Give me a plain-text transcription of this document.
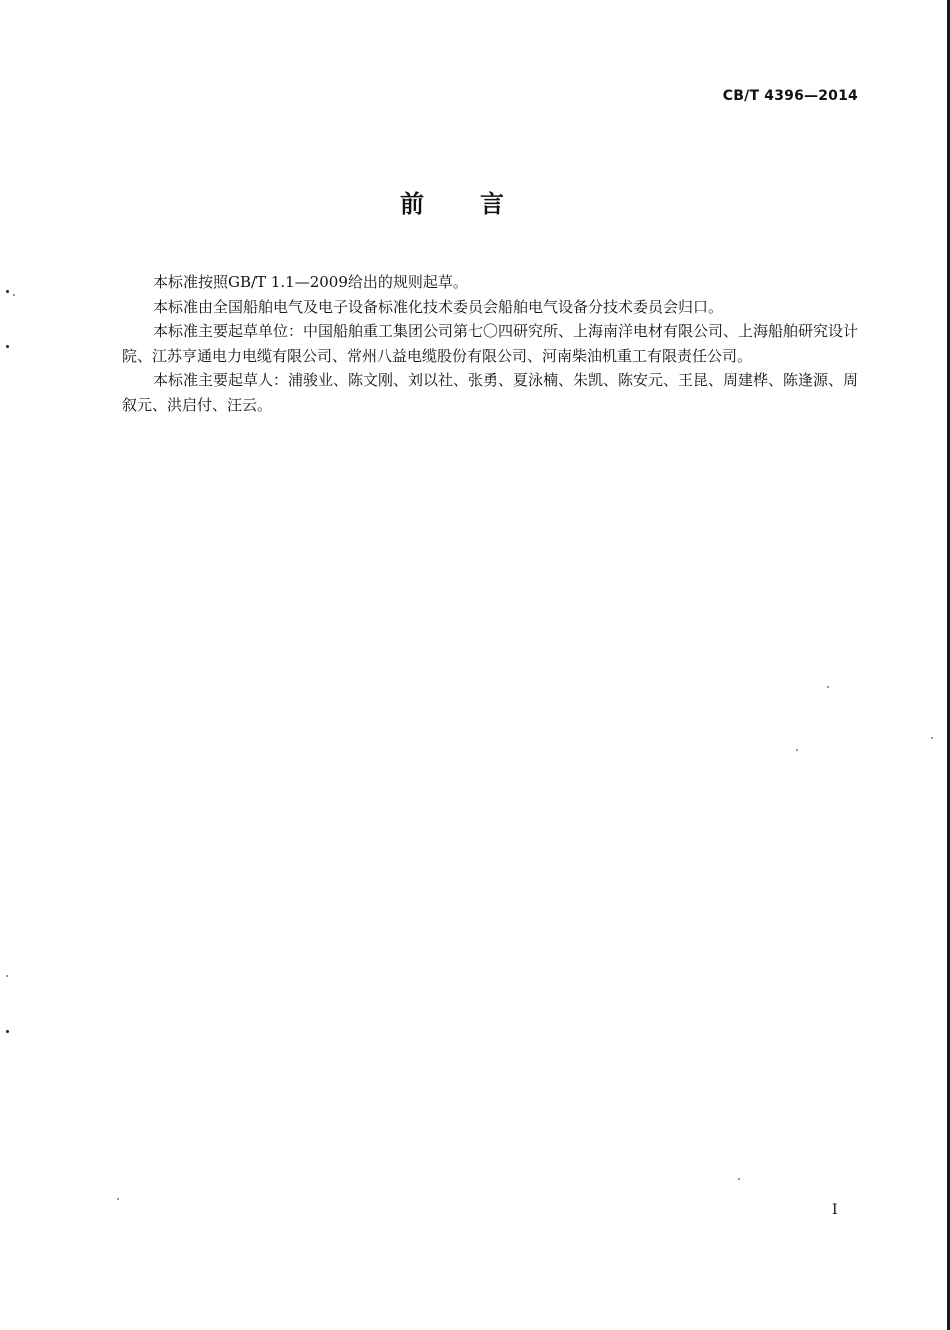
CB/T 4396—2014
前言

本标准按照GB/T 1.1—2009给出的规则起草。

本标准由全国船舶电气及电子设备标准化技术委员会船舶电气设备分技术委员会归口。

本标准主要起草单位：中国船舶重工集团公司第七〇四研究所、上海南洋电材有限公司、上海船舶研究设计院、江苏亨通电力电缆有限公司、常州八益电缆股份有限公司、河南柴油机重工有限责任公司。

本标准主要起草人：浦骏业、陈文刚、刘以社、张勇、夏泳楠、朱凯、陈安元、王昆、周建桦、陈逢源、周叙元、洪启付、汪云。

I
